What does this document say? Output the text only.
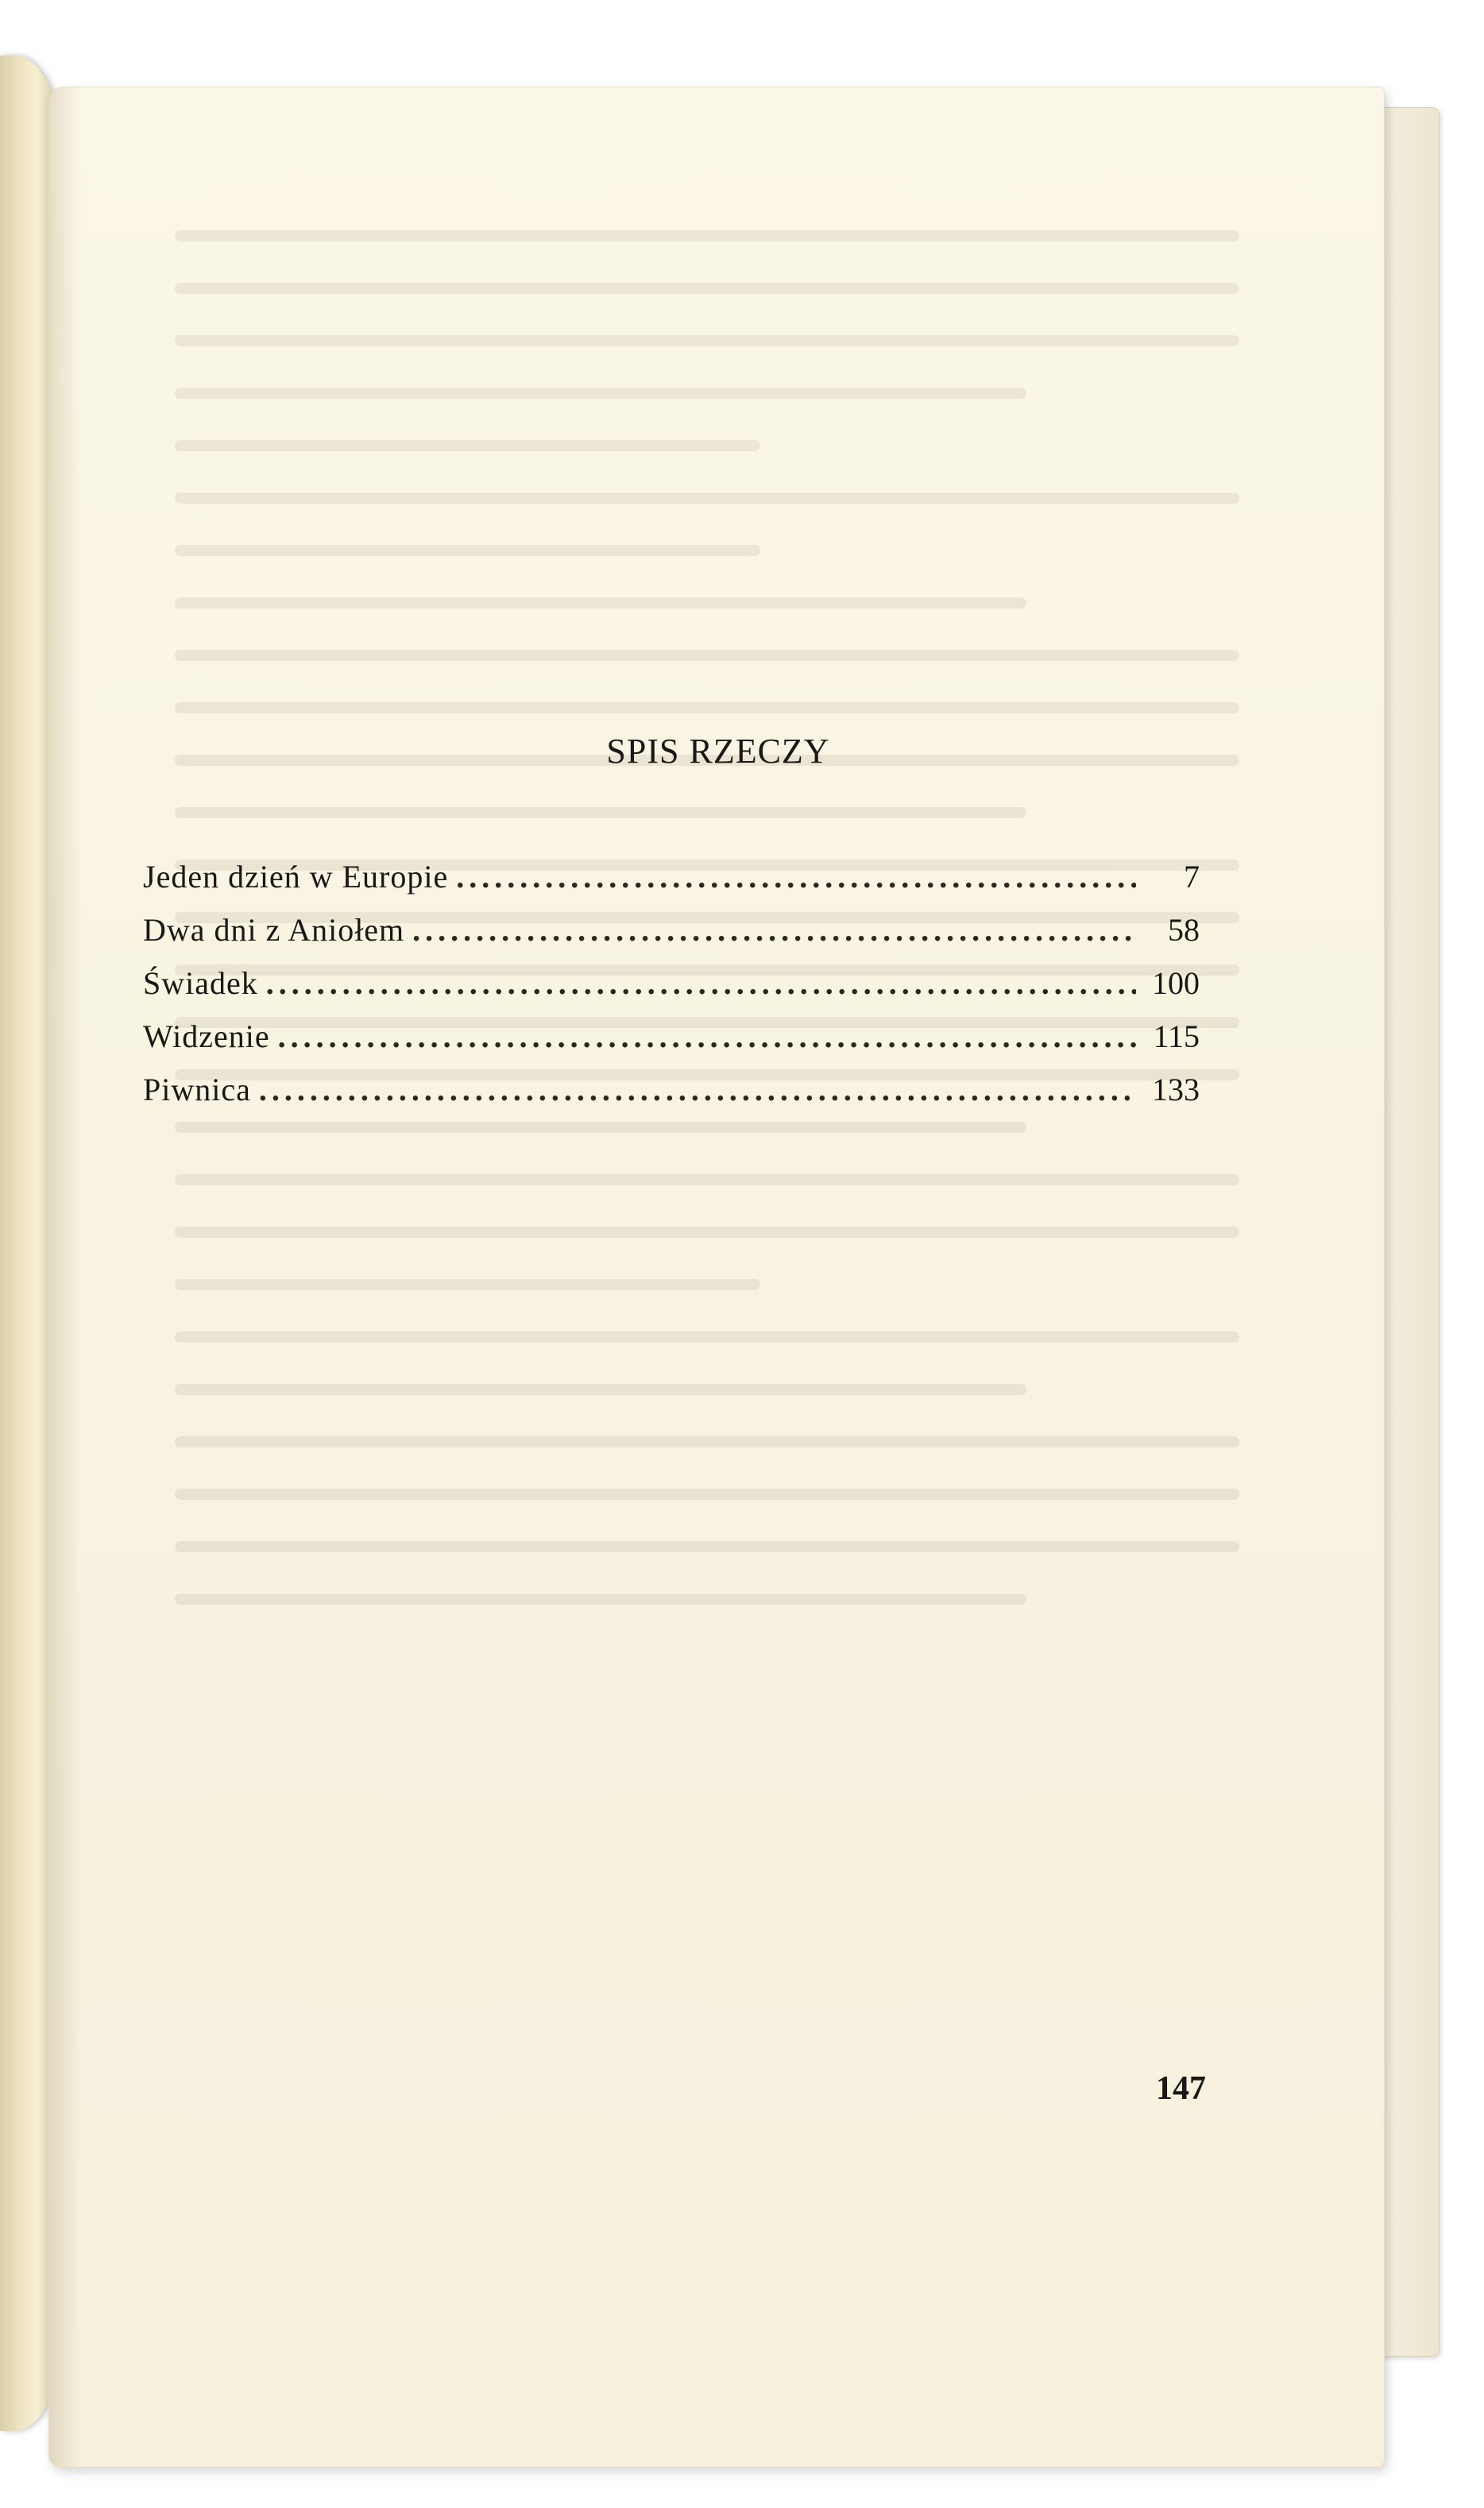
SPIS RZECZY
Jeden dzień w Europie . . .	7
Dwa dni z Aniołem . . .	58
Świadek . . .	100
Widzenie . . .	115
Piwnica . . .	133
147
